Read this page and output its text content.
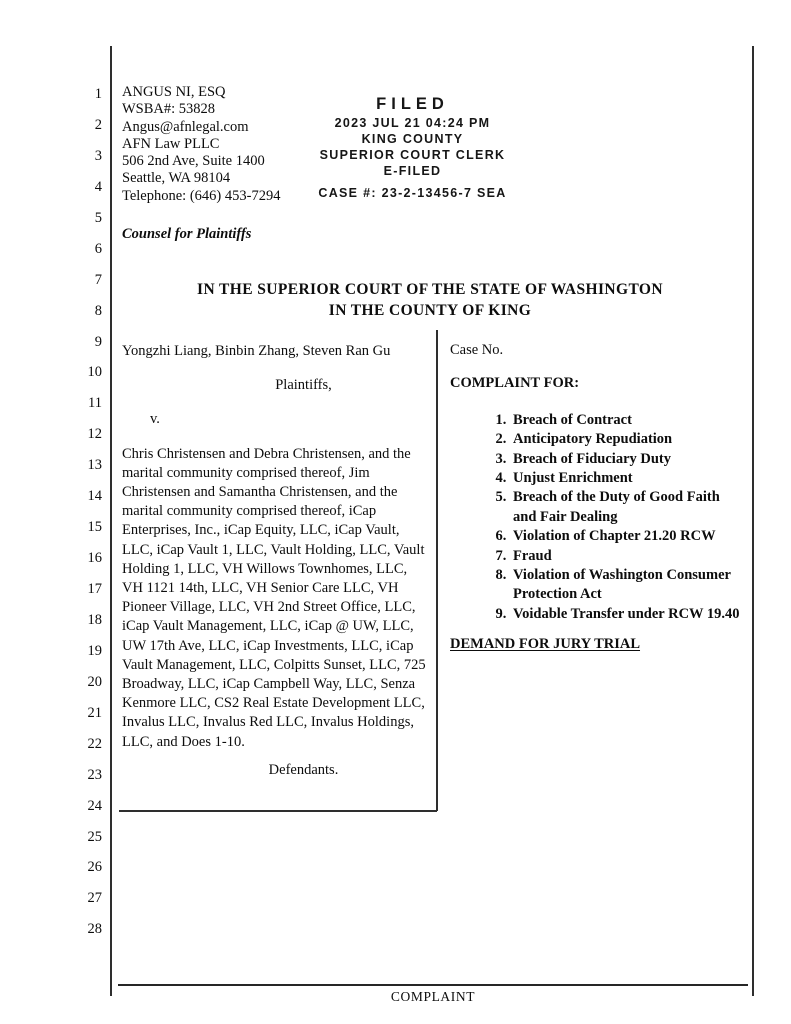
1
2
3
4
5
6
7
8
9
10
11
12
13
14
15
16
17
18
19
20
21
22
23
24
25
26
27
28
ANGUS NI, ESQ
WSBA#: 53828
Angus@afnlegal.com
AFN Law PLLC
506 2nd Ave, Suite 1400
Seattle, WA 98104
Telephone: (646) 453-7294
FILED
2023 JUL 21 04:24 PM
KING COUNTY
SUPERIOR COURT CLERK
E-FILED
CASE #: 23-2-13456-7 SEA
Counsel for Plaintiffs
IN THE SUPERIOR COURT OF THE STATE OF WASHINGTON
IN THE COUNTY OF KING
Yongzhi Liang, Binbin Zhang, Steven Ran Gu
Plaintiffs,
v.
Chris Christensen and Debra Christensen, and the marital community comprised thereof, Jim Christensen and Samantha Christensen, and the marital community comprised thereof, iCap Enterprises, Inc., iCap Equity, LLC, iCap Vault, LLC, iCap Vault 1, LLC, Vault Holding, LLC, Vault Holding 1, LLC, VH Willows Townhomes, LLC, VH 1121 14th, LLC, VH Senior Care LLC, VH Pioneer Village, LLC, VH 2nd Street Office, LLC, iCap Vault Management, LLC, iCap @ UW, LLC, UW 17th Ave, LLC, iCap Investments, LLC, iCap Vault Management, LLC, Colpitts Sunset, LLC, 725 Broadway, LLC, iCap Campbell Way, LLC, Senza Kenmore LLC, CS2 Real Estate Development LLC, Invalus LLC, Invalus Red LLC, Invalus Holdings, LLC, and Does 1-10.
Defendants.
Case No.
COMPLAINT FOR:
1. Breach of Contract
2. Anticipatory Repudiation
3. Breach of Fiduciary Duty
4. Unjust Enrichment
5. Breach of the Duty of Good Faith and Fair Dealing
6. Violation of Chapter 21.20 RCW
7. Fraud
8. Violation of Washington Consumer Protection Act
9. Voidable Transfer under RCW 19.40
DEMAND FOR JURY TRIAL
COMPLAINT
